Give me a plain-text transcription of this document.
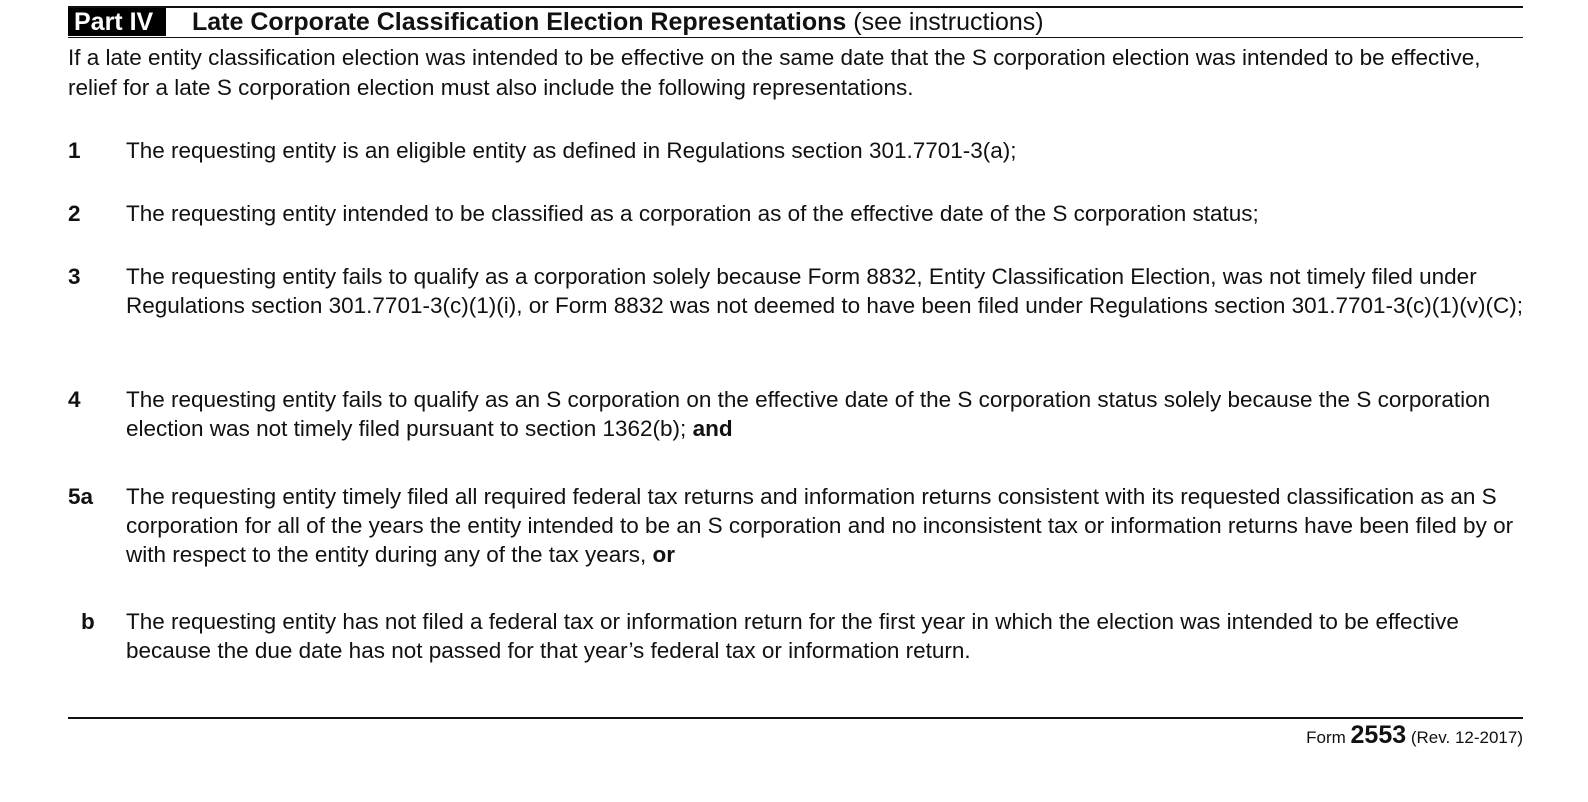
Part IV	Late Corporate Classification Election Representations (see instructions)
If a late entity classification election was intended to be effective on the same date that the S corporation election was intended to be effective, relief for a late S corporation election must also include the following representations.
1	The requesting entity is an eligible entity as defined in Regulations section 301.7701-3(a);
2	The requesting entity intended to be classified as a corporation as of the effective date of the S corporation status;
3	The requesting entity fails to qualify as a corporation solely because Form 8832, Entity Classification Election, was not timely filed under Regulations section 301.7701-3(c)(1)(i), or Form 8832 was not deemed to have been filed under Regulations section 301.7701-3(c)(1)(v)(C);
4	The requesting entity fails to qualify as an S corporation on the effective date of the S corporation status solely because the S corporation election was not timely filed pursuant to section 1362(b); and
5a	The requesting entity timely filed all required federal tax returns and information returns consistent with its requested classification as an S corporation for all of the years the entity intended to be an S corporation and no inconsistent tax or information returns have been filed by or with respect to the entity during any of the tax years, or
b	The requesting entity has not filed a federal tax or information return for the first year in which the election was intended to be effective because the due date has not passed for that year’s federal tax or information return.
Form 2553 (Rev. 12-2017)
